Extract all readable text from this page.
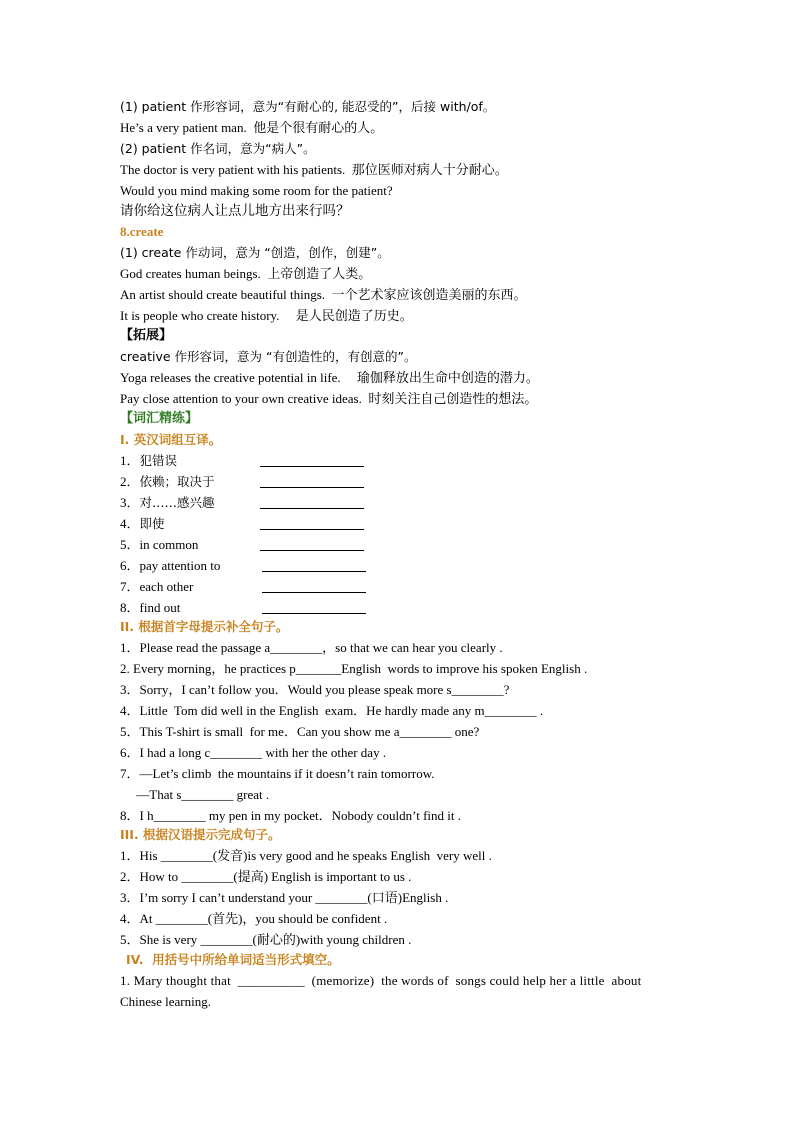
(1) patient 作形容词，意为“有耐心的, 能忍受的”，后接 with/of。
He’s a very patient man.  他是个很有耐心的人。
(2) patient 作名词，意为“病人”。
The doctor is very patient with his patients.  那位医师对病人十分耐心。
Would you mind making some room for the patient?
请你给这位病人让点儿地方出来行吗？
8.create
(1) create 作动词，意为 “创造，创作，创建”。
God creates human beings.  上帝创造了人类。
An artist should create beautiful things.  一个艺术家应该创造美丽的东西。
It is people who create history.     是人民创造了历史。
【拓展】
creative 作形容词，意为 “有创造性的，有创意的”。
Yoga releases the creative potential in life.     瑜伽释放出生命中创造的潜力。
Pay close attention to your own creative ideas.  时刻关注自己创造性的想法。
【词汇精练】
I. 英汉词组互译。
1．犯错误
2．依赖；取决于
3．对……感兴趣
4．即使
5．in common
6．pay attention to
7．each other
8．find out
II. 根据首字母提示补全句子。
1．Please read the passage a________，so that we can hear you clearly .
2. Every morning，he practices p_______English  words to improve his spoken English .
3．Sorry，I can’t follow you．Would you please speak more s________?
4．Little  Tom did well in the English  exam．He hardly made any m________ .
5．This T-shirt is small  for me．Can you show me a________ one?
6．I had a long c________ with her the other day .
7．—Let’s climb  the mountains if it doesn’t rain tomorrow.
—That s________ great .
8．I h________ my pen in my pocket．Nobody couldn’t find it .
III. 根据汉语提示完成句子。
1．His ________(发音)is very good and he speaks English  very well .
2．How to ________(提高) English is important to us .
3．I’m sorry I can’t understand your ________(口语)English .
4．At ________(首先)，you should be confident .
5．She is very ________(耐心的)with young children .
IV.  用括号中所给单词适当形式填空。
1. Mary thought that  __________  (memorize)  the words of  songs could help her a little  about
Chinese learning.
